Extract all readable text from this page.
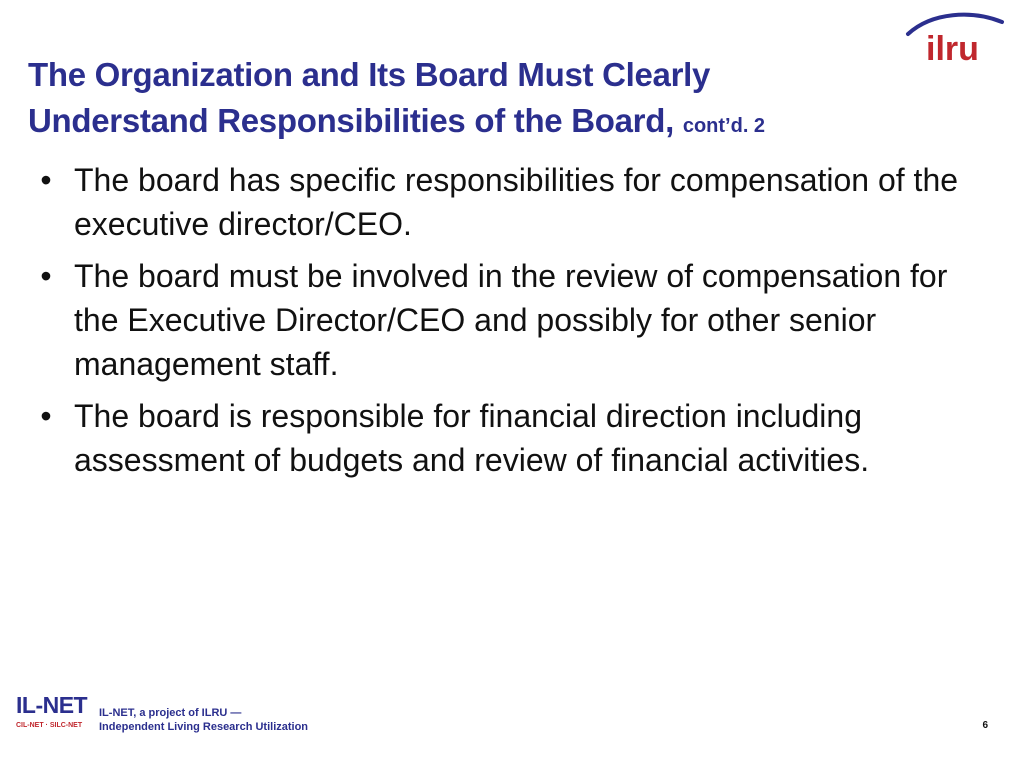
ilru
The Organization and Its Board Must Clearly
Understand Responsibilities of the Board, cont’d. 2
• The board has specific responsibilities for compensation of the executive director/CEO.
• The board must be involved in the review of compensation for the Executive Director/CEO and possibly for other senior management staff.
• The board is responsible for financial direction including assessment of budgets and review of financial activities.
IL-NET
CIL-NET · SILC-NET
IL-NET, a project of ILRU —
Independent Living Research Utilization	6
